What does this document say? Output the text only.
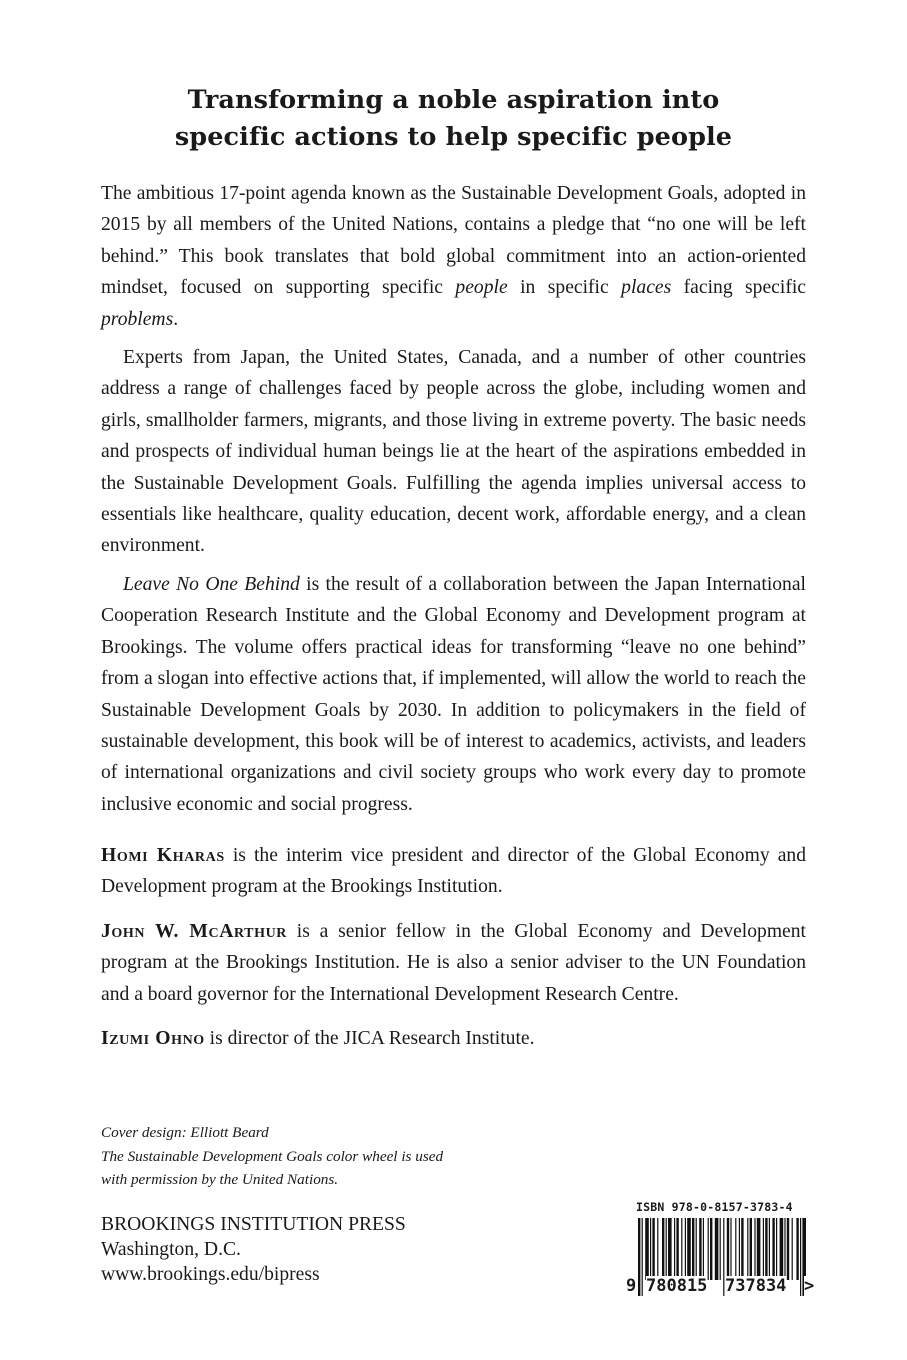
Transforming a noble aspiration into
specific actions to help specific people

The ambitious 17-point agenda known as the Sustainable Development Goals, adopted in 2015 by all members of the United Nations, contains a pledge that “no one will be left behind.” This book translates that bold global commitment into an action-oriented mindset, focused on supporting specific people in specific places facing specific problems.

Experts from Japan, the United States, Canada, and a number of other countries address a range of challenges faced by people across the globe, including women and girls, smallholder farmers, migrants, and those living in extreme poverty. The basic needs and prospects of individual human beings lie at the heart of the aspirations embedded in the Sustainable Development Goals. Fulfilling the agenda implies universal access to essentials like healthcare, quality education, decent work, affordable energy, and a clean environment.

Leave No One Behind is the result of a collaboration between the Japan International Cooperation Research Institute and the Global Economy and Development program at Brookings. The volume offers practical ideas for transforming “leave no one behind” from a slogan into effective actions that, if implemented, will allow the world to reach the Sustainable Development Goals by 2030. In addition to policymakers in the field of sustainable development, this book will be of interest to academics, activists, and leaders of international organizations and civil society groups who work every day to promote inclusive economic and social progress.

Homi Kharas is the interim vice president and director of the Global Economy and Development program at the Brookings Institution.

John W. McArthur is a senior fellow in the Global Economy and Development program at the Brookings Institution. He is also a senior adviser to the UN Foundation and a board governor for the International Development Research Centre.

Izumi Ohno is director of the JICA Research Institute.

Cover design: Elliott Beard
The Sustainable Development Goals color wheel is used
with permission by the United Nations.
BROOKINGS INSTITUTION PRESS
Washington, D.C.
www.brookings.edu/bipress
ISBN 978-0-8157-3783-4
9 780815 737834 >
